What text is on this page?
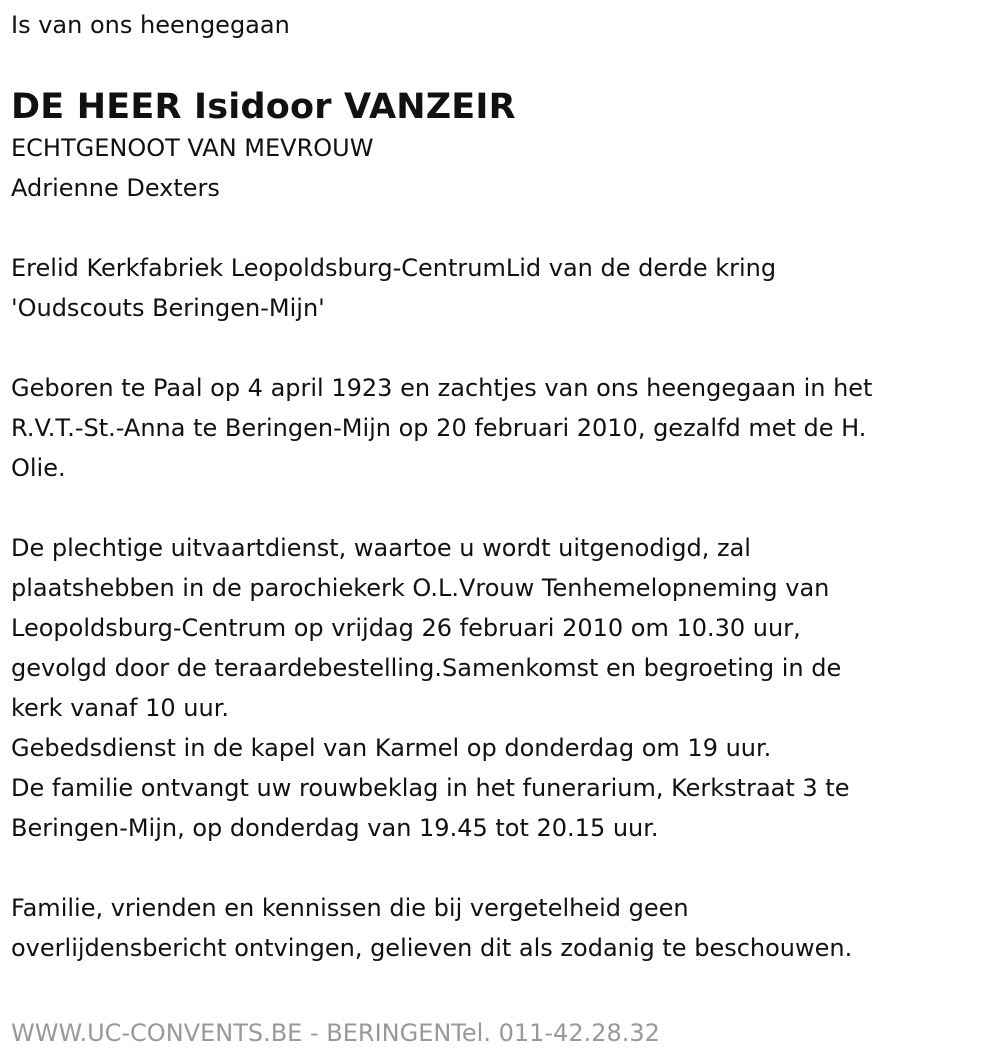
Is van ons heengegaan

DE HEER Isidoor VANZEIR

ECHTGENOOT VAN MEVROUW

Adrienne Dexters

Erelid Kerkfabriek Leopoldsburg-CentrumLid van de derde kring

'Oudscouts Beringen-Mijn'

Geboren te Paal op 4 april 1923 en zachtjes van ons heengegaan in het

R.V.T.-St.-Anna te Beringen-Mijn op 20 februari 2010, gezalfd met de H.

Olie.

De plechtige uitvaartdienst, waartoe u wordt uitgenodigd, zal

plaatshebben in de parochiekerk O.L.Vrouw Tenhemelopneming van

Leopoldsburg-Centrum op vrijdag 26 februari 2010 om 10.30 uur,

gevolgd door de teraardebestelling.Samenkomst en begroeting in de

kerk vanaf 10 uur.

Gebedsdienst in de kapel van Karmel op donderdag om 19 uur.

De familie ontvangt uw rouwbeklag in het funerarium, Kerkstraat 3 te

Beringen-Mijn, op donderdag van 19.45 tot 20.15 uur.

Familie, vrienden en kennissen die bij vergetelheid geen

overlijdensbericht ontvingen, gelieven dit als zodanig te beschouwen.

WWW.UC-CONVENTS.BE - BERINGENTel. 011-42.28.32
